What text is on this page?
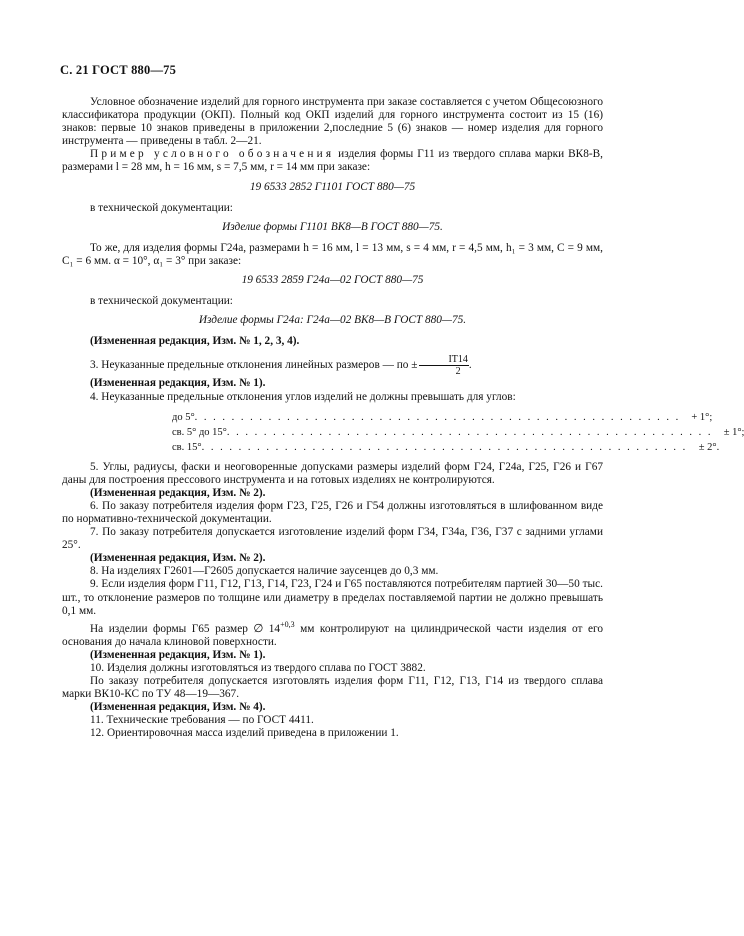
С. 21 ГОСТ 880—75

Условное обозначение изделий для горного инструмента при заказе составляется с учетом Общесоюзного классификатора продукции (ОКП). Полный код ОКП изделий для горного инструмента состоит из 15 (16) знаков: первые 10 знаков приведены в приложении 2,последние 5 (6) знаков — номер изделия для горного инструмента — приведены в табл. 2—21.

Пример условного обозначения изделия формы Г11 из твердого сплава марки ВК8-В, размерами l = 28 мм, h = 16 мм, s = 7,5 мм, r = 14 мм при заказе:

19 6533 2852 Г1101 ГОСТ 880—75

в технической документации:

Изделие формы Г1101 ВК8—В ГОСТ 880—75.

То же, для изделия формы Г24а, размерами h = 16 мм, l = 13 мм, s = 4 мм, r = 4,5 мм, h₁ = 3 мм, С = 9 мм, С₁ = 6 мм. α = 10°, α₁ = 3° при заказе:

19 6533 2859 Г24а—02 ГОСТ 880—75

в технической документации:

Изделие формы Г24а: Г24а—02 ВК8—В ГОСТ 880—75.

(Измененная редакция, Изм. № 1, 2, 3, 4).

3. Неуказанные предельные отклонения линейных размеров — по ± $\frac{IT14}{2}$ .

(Измененная редакция, Изм. № 1).

4. Неуказанные предельные отклонения углов изделий не должны превышать для углов:

до 5° . . . . . . . . . . . . . . . . . . . . . . . . . . . . . . . . . . . . . . . . . . . . . . . . . . . . .	+ 1°;
св. 5° до 15° . . . . . . . . . . . . . . . . . . . . . . . . . . . . . . . . . . . . . . . . . . . . . . . . . . . . .	± 1°;
св. 15° . . . . . . . . . . . . . . . . . . . . . . . . . . . . . . . . . . . . . . . . . . . . . . . . . . . . .	± 2°.

5. Углы, радиусы, фаски и неоговоренные допусками размеры изделий форм Г24, Г24а, Г25, Г26 и Г67 даны для построения прессового инструмента и на готовых изделиях не контролируются.

(Измененная редакция, Изм. № 2).

6. По заказу потребителя изделия форм Г23, Г25, Г26 и Г54 должны изготовляться в шлифованном виде по нормативно-технической документации.

7. По заказу потребителя допускается изготовление изделий форм Г34, Г34а, Г36, Г37 с задними углами 25°.

(Измененная редакция, Изм. № 2).

8. На изделиях Г2601—Г2605 допускается наличие заусенцев до 0,3 мм.

9. Если изделия форм Г11, Г12, Г13, Г14, Г23, Г24 и Г65 поставляются потребителям партией 30—50 тыс. шт., то отклонение размеров по толщине или диаметру в пределах поставляемой партии не должно превышать 0,1 мм.

На изделии формы Г65 размер ∅ $14^{+0,3}$ мм контролируют на цилиндрической части изделия от его основания до начала клиновой поверхности.

(Измененная редакция, Изм. № 1).

10. Изделия должны изготовляться из твердого сплава по ГОСТ 3882.

По заказу потребителя допускается изготовлять изделия форм Г11, Г12, Г13, Г14 из твердого сплава марки ВК10-КС по ТУ 48—19—367.

(Измененная редакция, Изм. № 4).

11. Технические требования — по ГОСТ 4411.

12. Ориентировочная масса изделий приведена в приложении 1.
